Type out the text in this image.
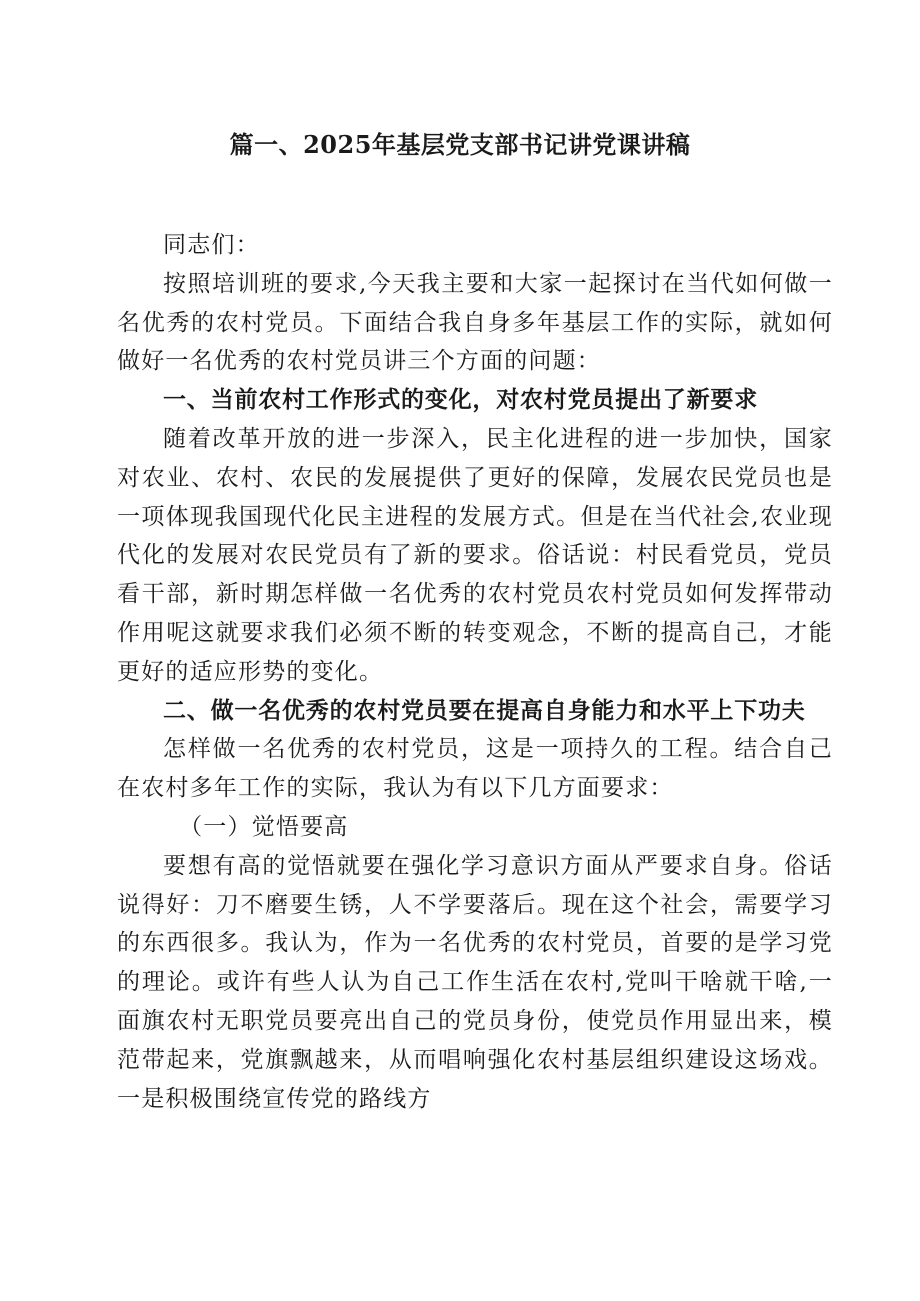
篇一、2025年基层党支部书记讲党课讲稿

同志们：

按照培训班的要求,今天我主要和大家一起探讨在当代如何做一名优秀的农村党员。下面结合我自身多年基层工作的实际，就如何做好一名优秀的农村党员讲三个方面的问题：

一、当前农村工作形式的变化，对农村党员提出了新要求

随着改革开放的进一步深入，民主化进程的进一步加快，国家对农业、农村、农民的发展提供了更好的保障，发展农民党员也是一项体现我国现代化民主进程的发展方式。但是在当代社会,农业现代化的发展对农民党员有了新的要求。俗话说：村民看党员，党员看干部，新时期怎样做一名优秀的农村党员农村党员如何发挥带动作用呢这就要求我们必须不断的转变观念，不断的提高自己，才能更好的适应形势的变化。

二、做一名优秀的农村党员要在提高自身能力和水平上下功夫

怎样做一名优秀的农村党员，这是一项持久的工程。结合自己在农村多年工作的实际，我认为有以下几方面要求：

（一）觉悟要高

要想有高的觉悟就要在强化学习意识方面从严要求自身。俗话说得好：刀不磨要生锈，人不学要落后。现在这个社会，需要学习的东西很多。我认为，作为一名优秀的农村党员，首要的是学习党的理论。或许有些人认为自己工作生活在农村,党叫干啥就干啥,一面旗农村无职党员要亮出自己的党员身份，使党员作用显出来，模范带起来，党旗飘越来，从而唱响强化农村基层组织建设这场戏。一是积极围绕宣传党的路线方
